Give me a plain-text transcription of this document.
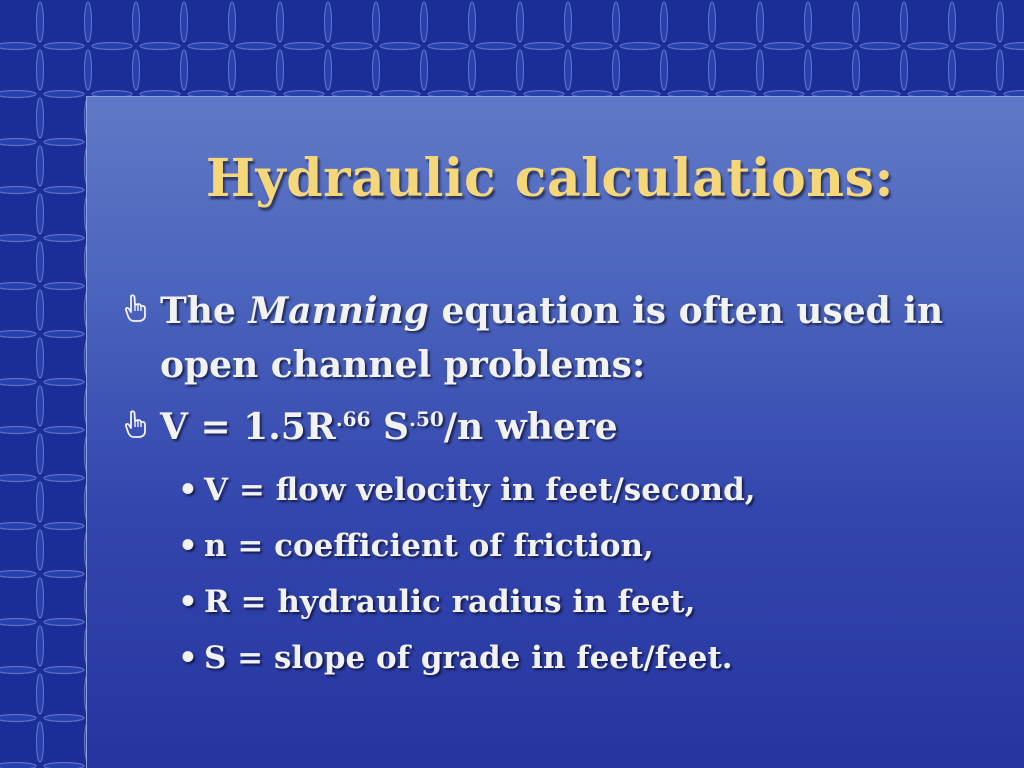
Hydraulic calculations:
The Manning equation is often used in open channel problems:
$V = 1.5R^{.66}$ $S^{.50}/n$ where
• V = flow velocity in feet/second,
• n = coefficient of friction,
• R = hydraulic radius in feet,
• S = slope of grade in feet/feet.
